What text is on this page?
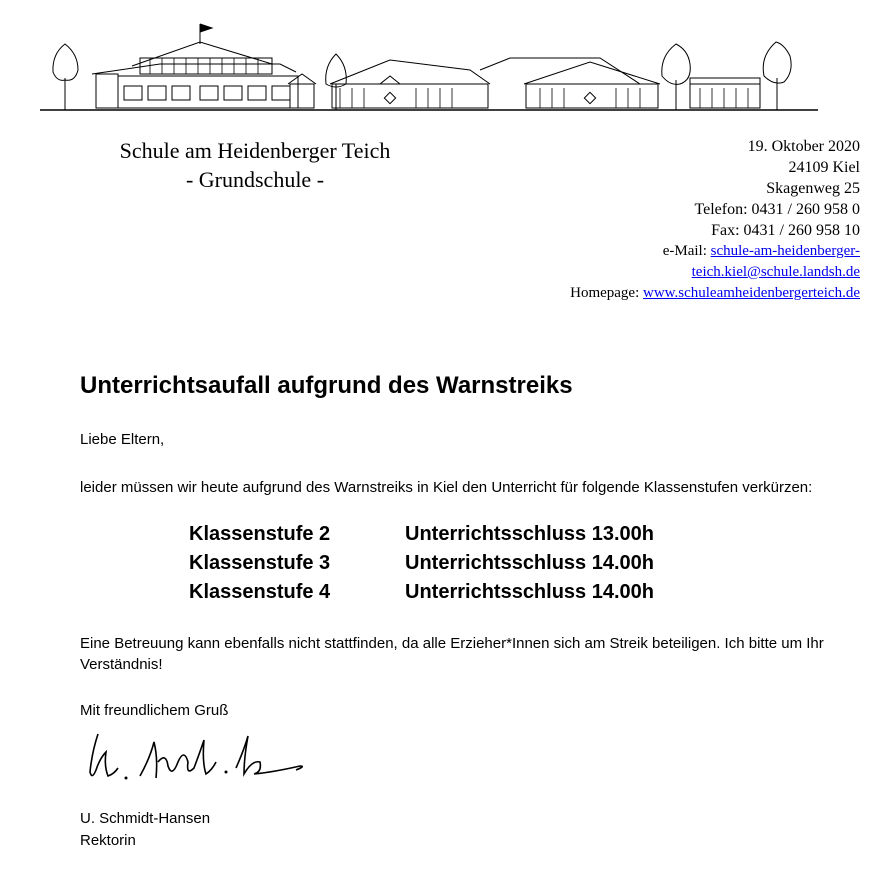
Schule am Heidenberger Teich
- Grundschule -
19. Oktober 2020
24109 Kiel
Skagenweg 25
Telefon: 0431 / 260 958 0
Fax: 0431 / 260 958 10
e-Mail: schule-am-heidenberger-
teich.kiel@schule.landsh.de
Homepage: www.schuleamheidenbergerteich.de
Unterrichtsaufall aufgrund des Warnstreiks

Liebe Eltern,

leider müssen wir heute aufgrund des Warnstreiks in Kiel den Unterricht für folgende Klassenstufen verkürzen:

Klassenstufe 2	Unterrichtsschluss 13.00h
Klassenstufe 3	Unterrichtsschluss 14.00h
Klassenstufe 4	Unterrichtsschluss 14.00h

Eine Betreuung kann ebenfalls nicht stattfinden, da alle Erzieher*Innen sich am Streik beteiligen. Ich bitte um Ihr Verständnis!

Mit freundlichem Gruß

U. Schmidt-Hansen

Rektorin
